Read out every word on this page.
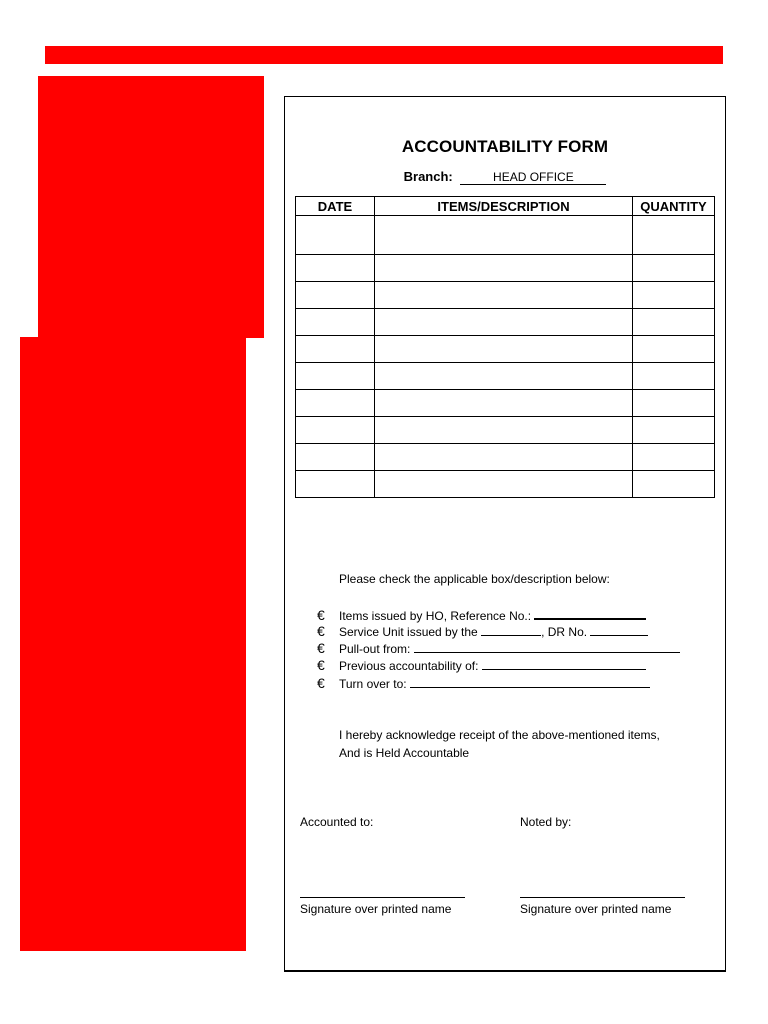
ACCOUNTABILITY FORM
Branch:	HEAD OFFICE
DATE	ITEMS/DESCRIPTION	QUANTITY

Please check the applicable box/description below:
€ Items issued by HO, Reference No.:
€ Service Unit issued by the	, DR No.
€ Pull-out from:
€ Previous accountability of:
€ Turn over to:
I hereby acknowledge receipt of the above-mentioned items,
And is Held Accountable
Accounted to:	Noted by:
Signature over printed name	Signature over printed name
